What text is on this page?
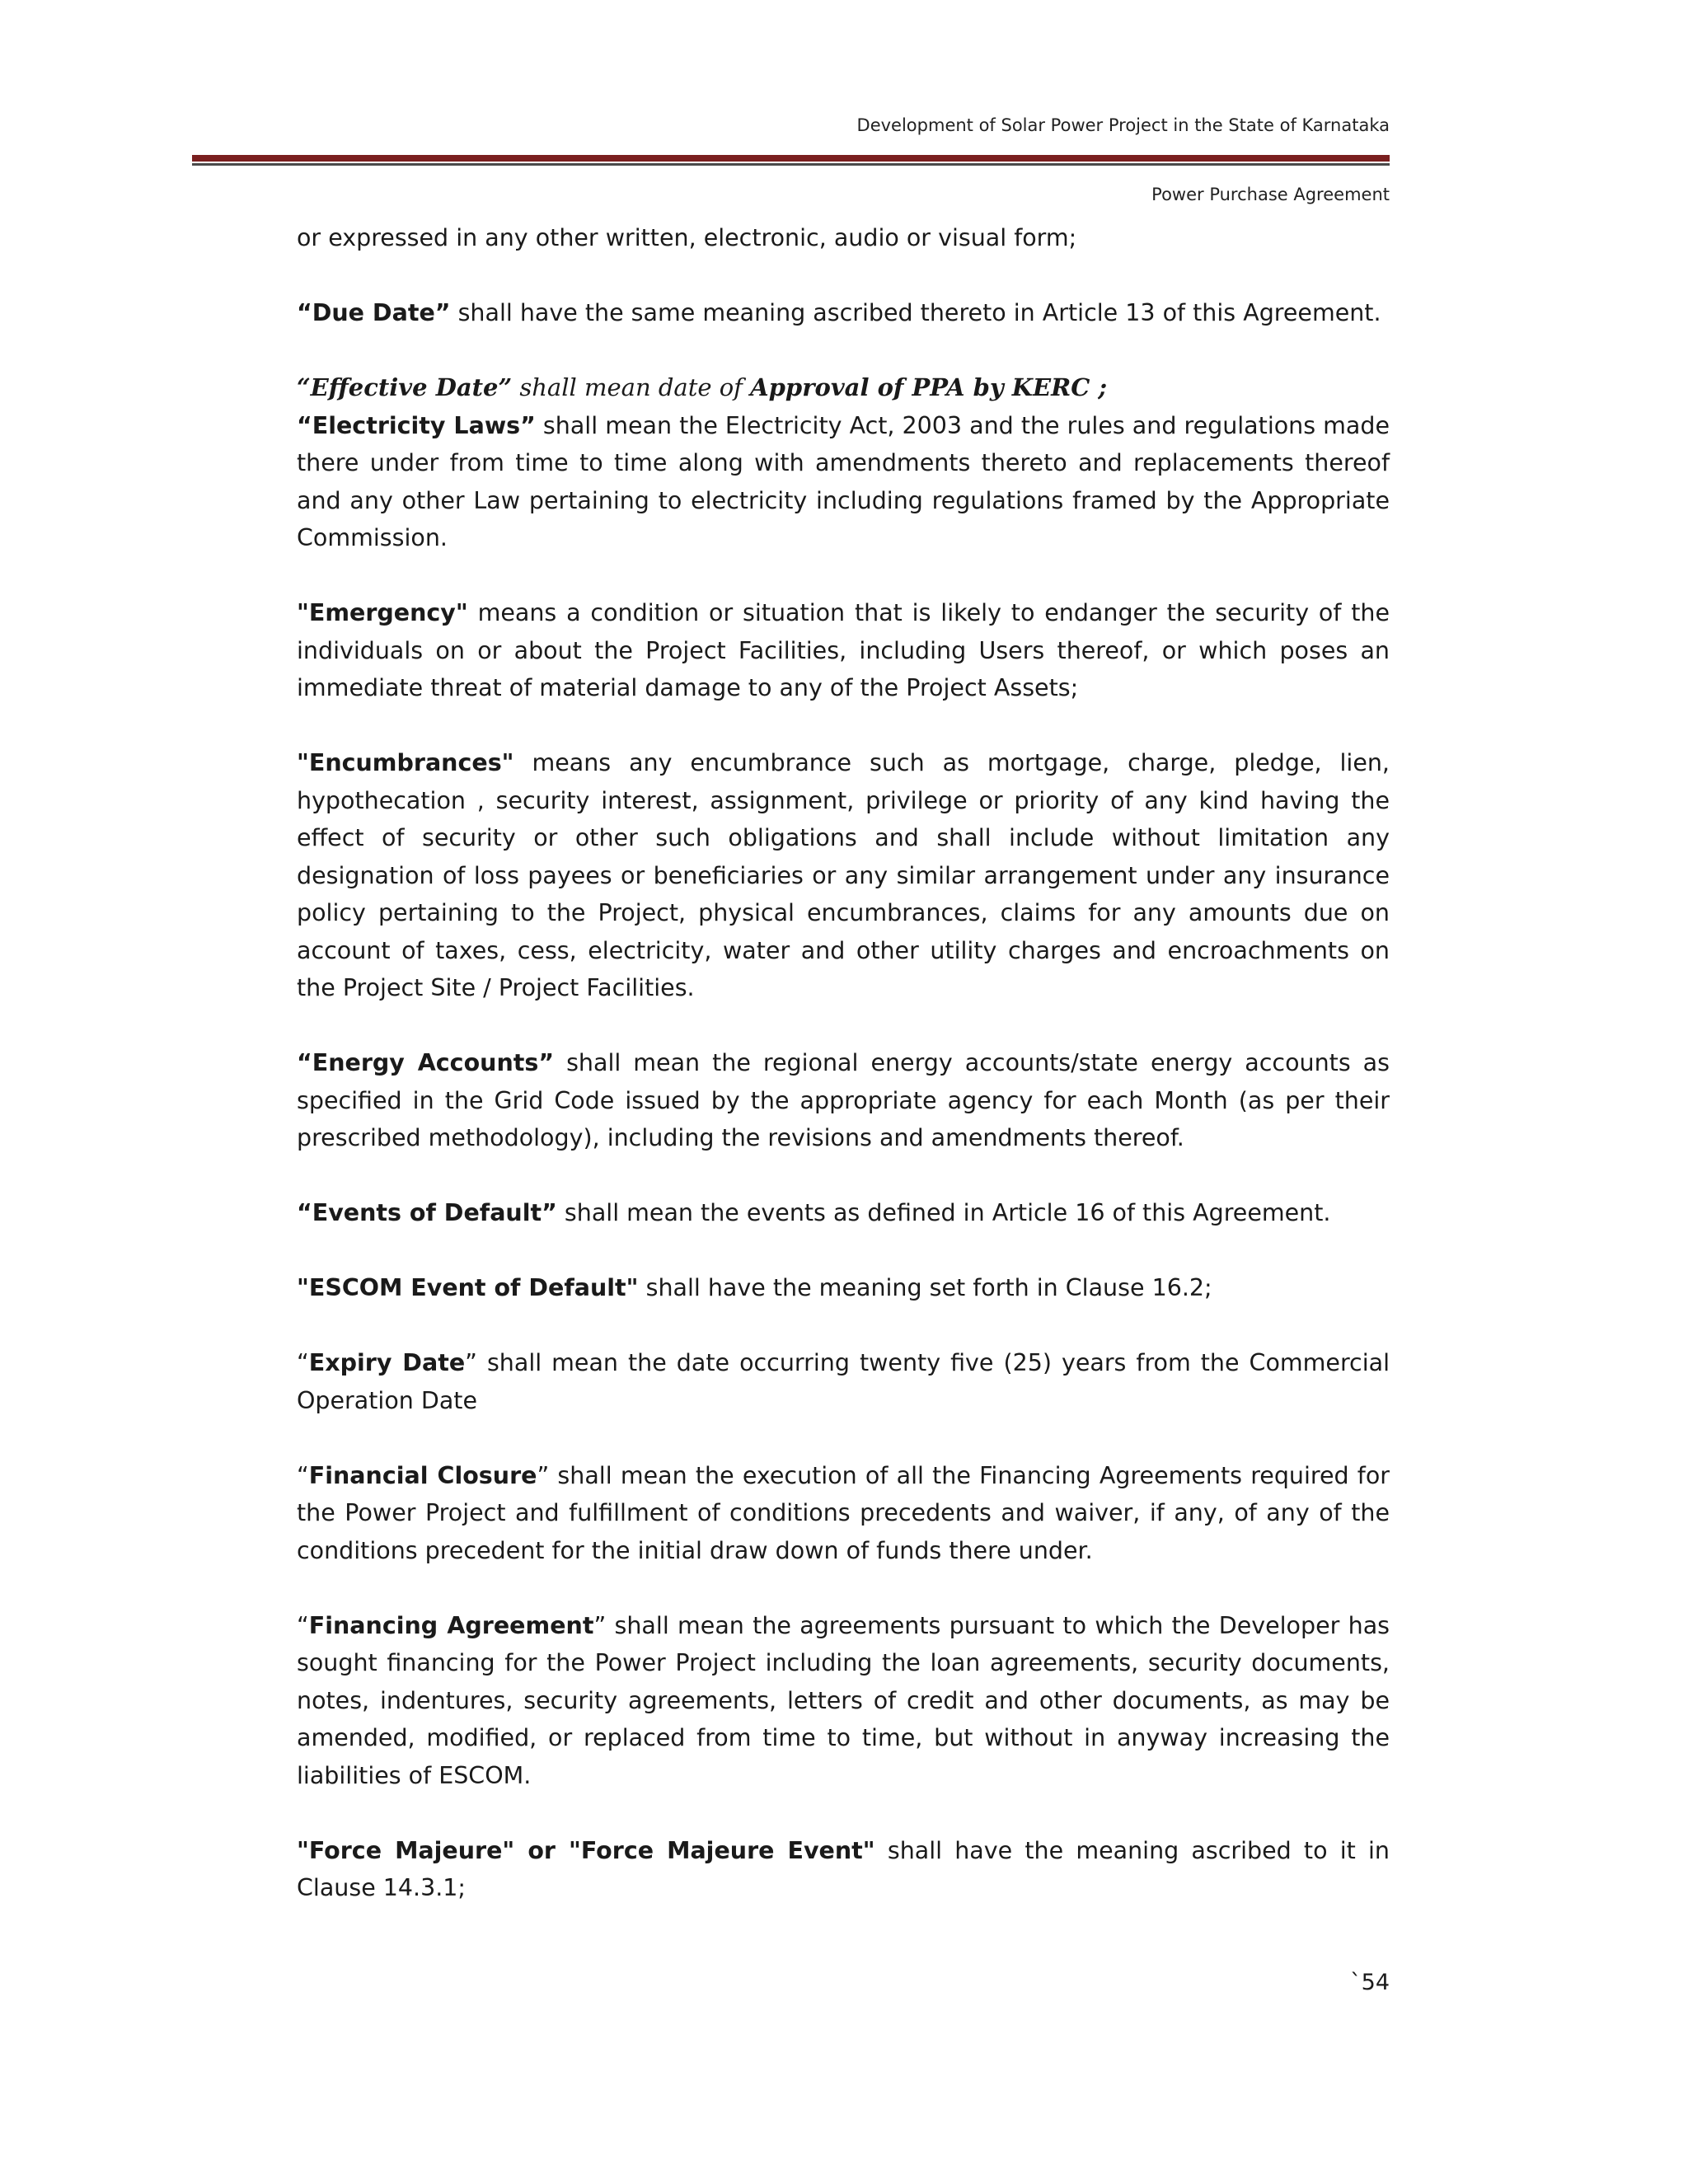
Development of Solar Power Project in the State of Karnataka
Power Purchase Agreement

or expressed in any other written, electronic, audio or visual form;

“Due Date” shall have the same meaning ascribed thereto in Article 13 of this Agreement.

“Effective Date” shall mean date of Approval of PPA by KERC ;

“Electricity Laws” shall mean the Electricity Act, 2003 and the rules and regulations made there under from time to time along with amendments thereto and replacements thereof and any other Law pertaining to electricity including regulations framed by the Appropriate Commission.

"Emergency" means a condition or situation that is likely to endanger the security of the individuals on or about the Project Facilities, including Users thereof, or which poses an immediate threat of material damage to any of the Project Assets;

"Encumbrances" means any encumbrance such as mortgage, charge, pledge, lien, hypothecation , security interest, assignment, privilege or priority of any kind having the effect of security or other such obligations and shall include without limitation any designation of loss payees or beneficiaries or any similar arrangement under any insurance policy pertaining to the Project, physical encumbrances, claims for any amounts due on account of taxes, cess, electricity, water and other utility charges and encroachments on the Project Site / Project Facilities.

“Energy Accounts” shall mean the regional energy accounts/state energy accounts as specified in the Grid Code issued by the appropriate agency for each Month (as per their prescribed methodology), including the revisions and amendments thereof.

“Events of Default” shall mean the events as defined in Article 16 of this Agreement.

"ESCOM Event of Default" shall have the meaning set forth in Clause 16.2;

“Expiry Date” shall mean the date occurring twenty five (25) years from the Commercial Operation Date

“Financial Closure” shall mean the execution of all the Financing Agreements required for the Power Project and fulfillment of conditions precedents and waiver, if any, of any of the conditions precedent for the initial draw down of funds there under.

“Financing Agreement” shall mean the agreements pursuant to which the Developer has sought financing for the Power Project including the loan agreements, security documents, notes, indentures, security agreements, letters of credit and other documents, as may be amended, modified, or replaced from time to time, but without in anyway increasing the liabilities of ESCOM.

"Force Majeure" or "Force Majeure Event" shall have the meaning ascribed to it in Clause 14.3.1;

`54
